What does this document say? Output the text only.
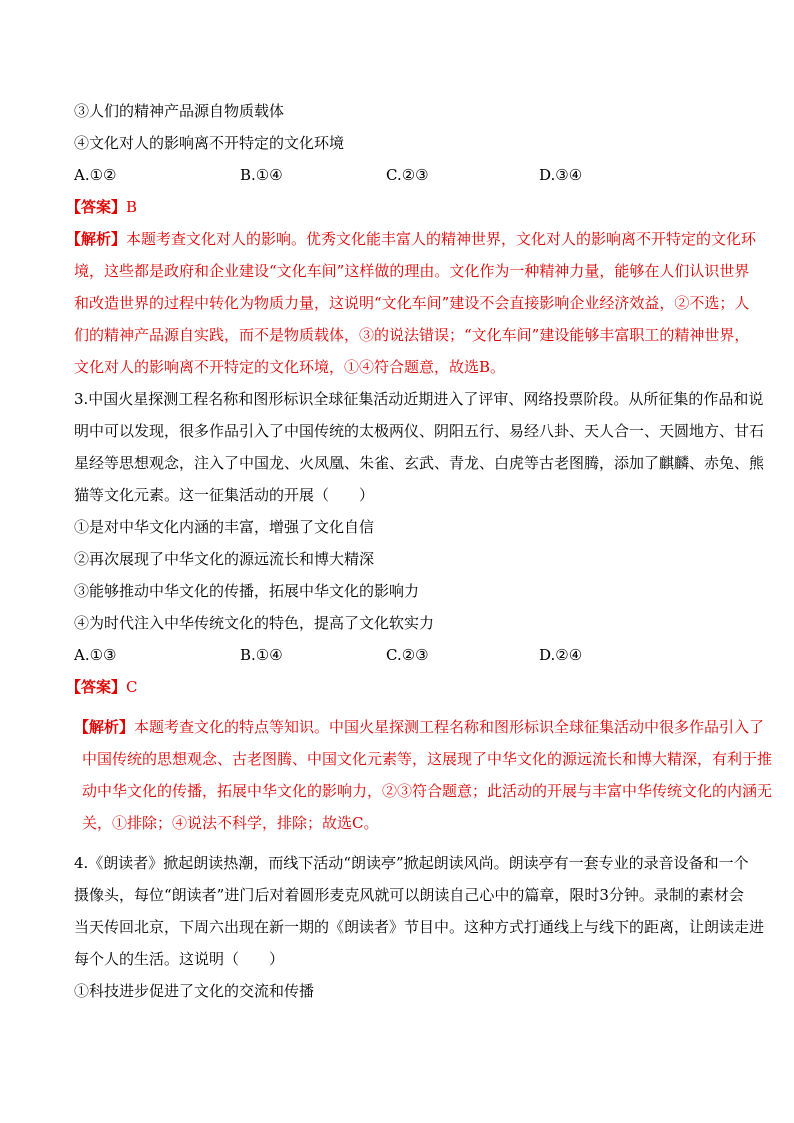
③人们的精神产品源自物质载体
④文化对人的影响离不开特定的文化环境
A.①②	B.①④	C.②③	D.③④
【答案】B
【解析】本题考查文化对人的影响。优秀文化能丰富人的精神世界，文化对人的影响离不开特定的文化环
境，这些都是政府和企业建设“文化车间”这样做的理由。文化作为一种精神力量，能够在人们认识世界
和改造世界的过程中转化为物质力量，这说明“文化车间”建设不会直接影响企业经济效益，②不选；人
们的精神产品源自实践，而不是物质载体，③的说法错误；“文化车间”建设能够丰富职工的精神世界，
文化对人的影响离不开特定的文化环境，①④符合题意，故选B。
3.中国火星探测工程名称和图形标识全球征集活动近期进入了评审、网络投票阶段。从所征集的作品和说
明中可以发现，很多作品引入了中国传统的太极两仪、阴阳五行、易经八卦、天人合一、天圆地方、甘石
星经等思想观念，注入了中国龙、火凤凰、朱雀、玄武、青龙、白虎等古老图腾，添加了麒麟、赤兔、熊
猫等文化元素。这一征集活动的开展（　　）
①是对中华文化内涵的丰富，增强了文化自信
②再次展现了中华文化的源远流长和博大精深
③能够推动中华文化的传播，拓展中华文化的影响力
④为时代注入中华传统文化的特色，提高了文化软实力
A.①③	B.①④	C.②③	D.②④
【答案】C
【解析】本题考查文化的特点等知识。中国火星探测工程名称和图形标识全球征集活动中很多作品引入了
中国传统的思想观念、古老图腾、中国文化元素等，这展现了中华文化的源远流长和博大精深，有利于推
动中华文化的传播，拓展中华文化的影响力，②③符合题意；此活动的开展与丰富中华传统文化的内涵无
关，①排除；④说法不科学，排除；故选C。
4.《朗读者》掀起朗读热潮，而线下活动“朗读亭”掀起朗读风尚。朗读亭有一套专业的录音设备和一个
摄像头，每位“朗读者”进门后对着圆形麦克风就可以朗读自己心中的篇章，限时3分钟。录制的素材会
当天传回北京，下周六出现在新一期的《朗读者》节目中。这种方式打通线上与线下的距离，让朗读走进
每个人的生活。这说明（　　）
①科技进步促进了文化的交流和传播
